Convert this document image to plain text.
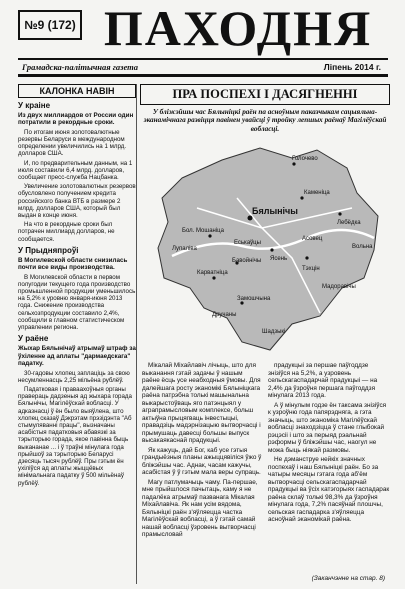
№9 (172) ПАХОДНЯ
Грамадска-палітычная газета	Ліпень 2014 г.
КАЛОНКА НАВІН
У краіне
Из двух миллиардов от России один потратили в рекордные сроки.

По итогам июня золотовалютные резервы Беларуси в международном определении увеличились на 1 млрд. долларов США.

И, по предварительным данным, на 1 июля составили 6,4 млрд. долларов, сообщает пресс-служба Нацбанка.

Увеличение золотовалютных резервов обусловлено получением кредита российского банка ВТБ в размере 2 млрд. долларов США, который был выдан в конце июня.

На что в рекордные сроки был потрачен миллиард долларов, не сообщается.

У Прыдняпроўі
В Могилевской области снизилась почти все виды производства.

В Могилевской области в первом полугодии текущего года производство промышленной продукции уменьшилось на 5,2% к уровню января-июня 2013 года. Снижение производства сельхозпродукции составило 2,4%, сообщили в главном статистическом управлении региона.

У раёне
Жыхар Бялынічаў атрымаў штраф за ўхіленне ад аплаты "дармаедскага" падатку.

30-гадовы хлопец заплаціць за свою несумленнасць 2,25 мільёна рублёў.

Падатковая і праваахоўныя органы правераць дадзеныя ад жыхара горада Бялынічы, Магілёўскай вобласці. У адказнасці ў ён было выяўлена, што хлопец сказаў Дэкрэтам прэзідэнта "Аб стымуляванні працы", вызначаны асабістыя падатковыя абавязкі за тэрыторыю горада, якое павінна быць выкананае ... і ў траўні мінулага года прыйшоў за тэрыторыю Беларусі дзесяць тысяч рублёў. Пры гэтым ён ухіліўся ад аплаты жыццёвых мінімальнага падатку ў 500 мільёнаў рублёў.

ПРА ПОСПЕХІ І ДАСЯГНЕННІ
У бліжэйшы час Бялыніцкі раён па асноўным паказчыкам сацыяльна-эканамічнага развіцця павінен увайсці ў тройку лепшых раёнаў Магілёўскай вобласці.
Бялынічы
Голочево
Каменіца
Бол. Мошаніца
Еськаўцы
Лебёдка
Ясень
Вольна
Карватніца
Бавойнічы
Тэхцін
Замошчына
Дручаны
Лупаліва
Асовец
Мадоравічы
Шадзыкі

Мікалай Міхайлавіч лічыць, што для выканання гэтай задачы ў нашым раёне ёсць усе неабходныя ўмовы. Для далейшага росту эканомікі Бялыніцкага раёна патрэбна толькі машынальна выкарыстоўваць яго патэнцыял у аграпрамысловым комплексе, больш актыўна прыцягваць інвестыцыі, правадзіць мадэрнізацыю вытворчасці і прымушаць давесці большы выпуск высакаякаснай прадукцыі.

Як кажуць, дай Бог, каб усе гэтыя грандыёзныя планы ажыццявіліся ўжо ў бліжэйшы час. Аднак, часам кажучы, асабістая ў ў гэтым мала веры супраць.

Магу патлумачыць чаму. Па-першае, мне прыйшлося пачытаць, каму я не падалёка атрымаў пазванага Мікалая Міхайлавіча. Як нам усім вядома, Бялыніцкі раён з'яўляецца частка Магілёўскай вобласці, а ў гэтай самай нашай вобласці ўзровень вытворчасці прамысловай

прадукцыі за першае паўгоддзе знізіўся на 5,2%, а узровень сельскагаспадарчай прадукцыі — на 2,4% да ўзроўня першага паўгоддзя мінулага 2013 года.

А ў мінулым годзе ён таксама знізіўся к узроўню года папярэдняга, а гэта значыць, што эканоміка Магілёўскай вобласці знаходзіцца ў стане глыбокай рэцэсіі і што за перыяд рэальнай рэформы ў бліжэйшы час, наогул не можа быць ніякай размовы.

Не дэманструе нейкіх значных поспехаў і наш Бялыніцкі раён. Бо за чатыры месяцы гэтага года аб'ём вытворчасці сельскагаспадарчай прадукцыі ва ўсіх катэгорыях гаспадарак раёна склаў толькі 98,3% да ўзроўня мінулага года, 7,2% пасяўнай плошчы, сельская гаспадарка з'яўляецца асноўнай эканомікай раёна.

(Заканчэнне на стар. 8)
